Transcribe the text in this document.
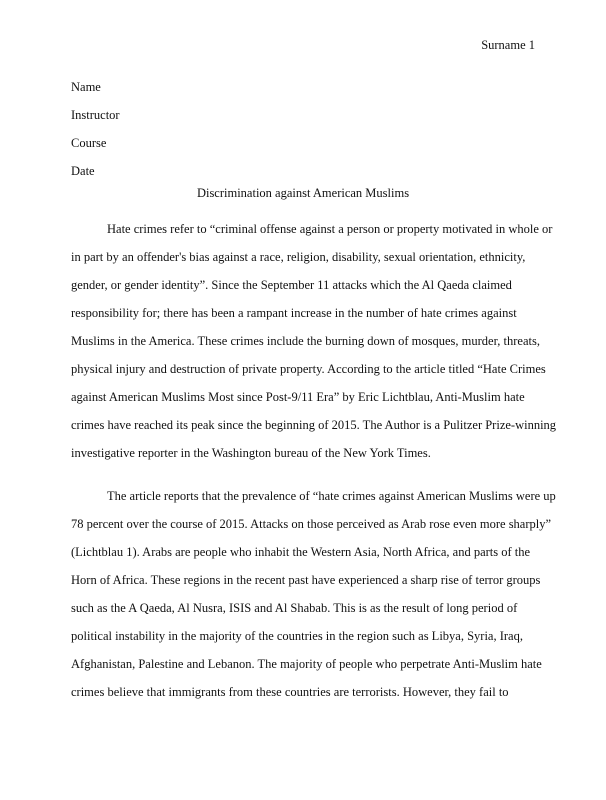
Surname 1
Name
Instructor
Course
Date
Discrimination against American Muslims
Hate crimes refer to “criminal offense against a person or property motivated in whole or
in part by an offender's bias against a race, religion, disability, sexual orientation, ethnicity,
gender, or gender identity”. Since the September 11 attacks which the Al Qaeda claimed
responsibility for; there has been a rampant increase in the number of hate crimes against
Muslims in the America. These crimes include the burning down of mosques, murder, threats,
physical injury and destruction of private property. According to the article titled “Hate Crimes
against American Muslims Most since Post-9/11 Era” by Eric Lichtblau, Anti-Muslim hate
crimes have reached its peak since the beginning of 2015. The Author is a Pulitzer Prize-winning
investigative reporter in the Washington bureau of the New York Times.
The article reports that the prevalence of “hate crimes against American Muslims were up
78 percent over the course of 2015. Attacks on those perceived as Arab rose even more sharply”
(Lichtblau 1). Arabs are people who inhabit the Western Asia, North Africa, and parts of the
Horn of Africa. These regions in the recent past have experienced a sharp rise of terror groups
such as the A Qaeda, Al Nusra, ISIS and Al Shabab. This is as the result of long period of
political instability in the majority of the countries in the region such as Libya, Syria, Iraq,
Afghanistan, Palestine and Lebanon. The majority of people who perpetrate Anti-Muslim hate
crimes believe that immigrants from these countries are terrorists. However, they fail to
